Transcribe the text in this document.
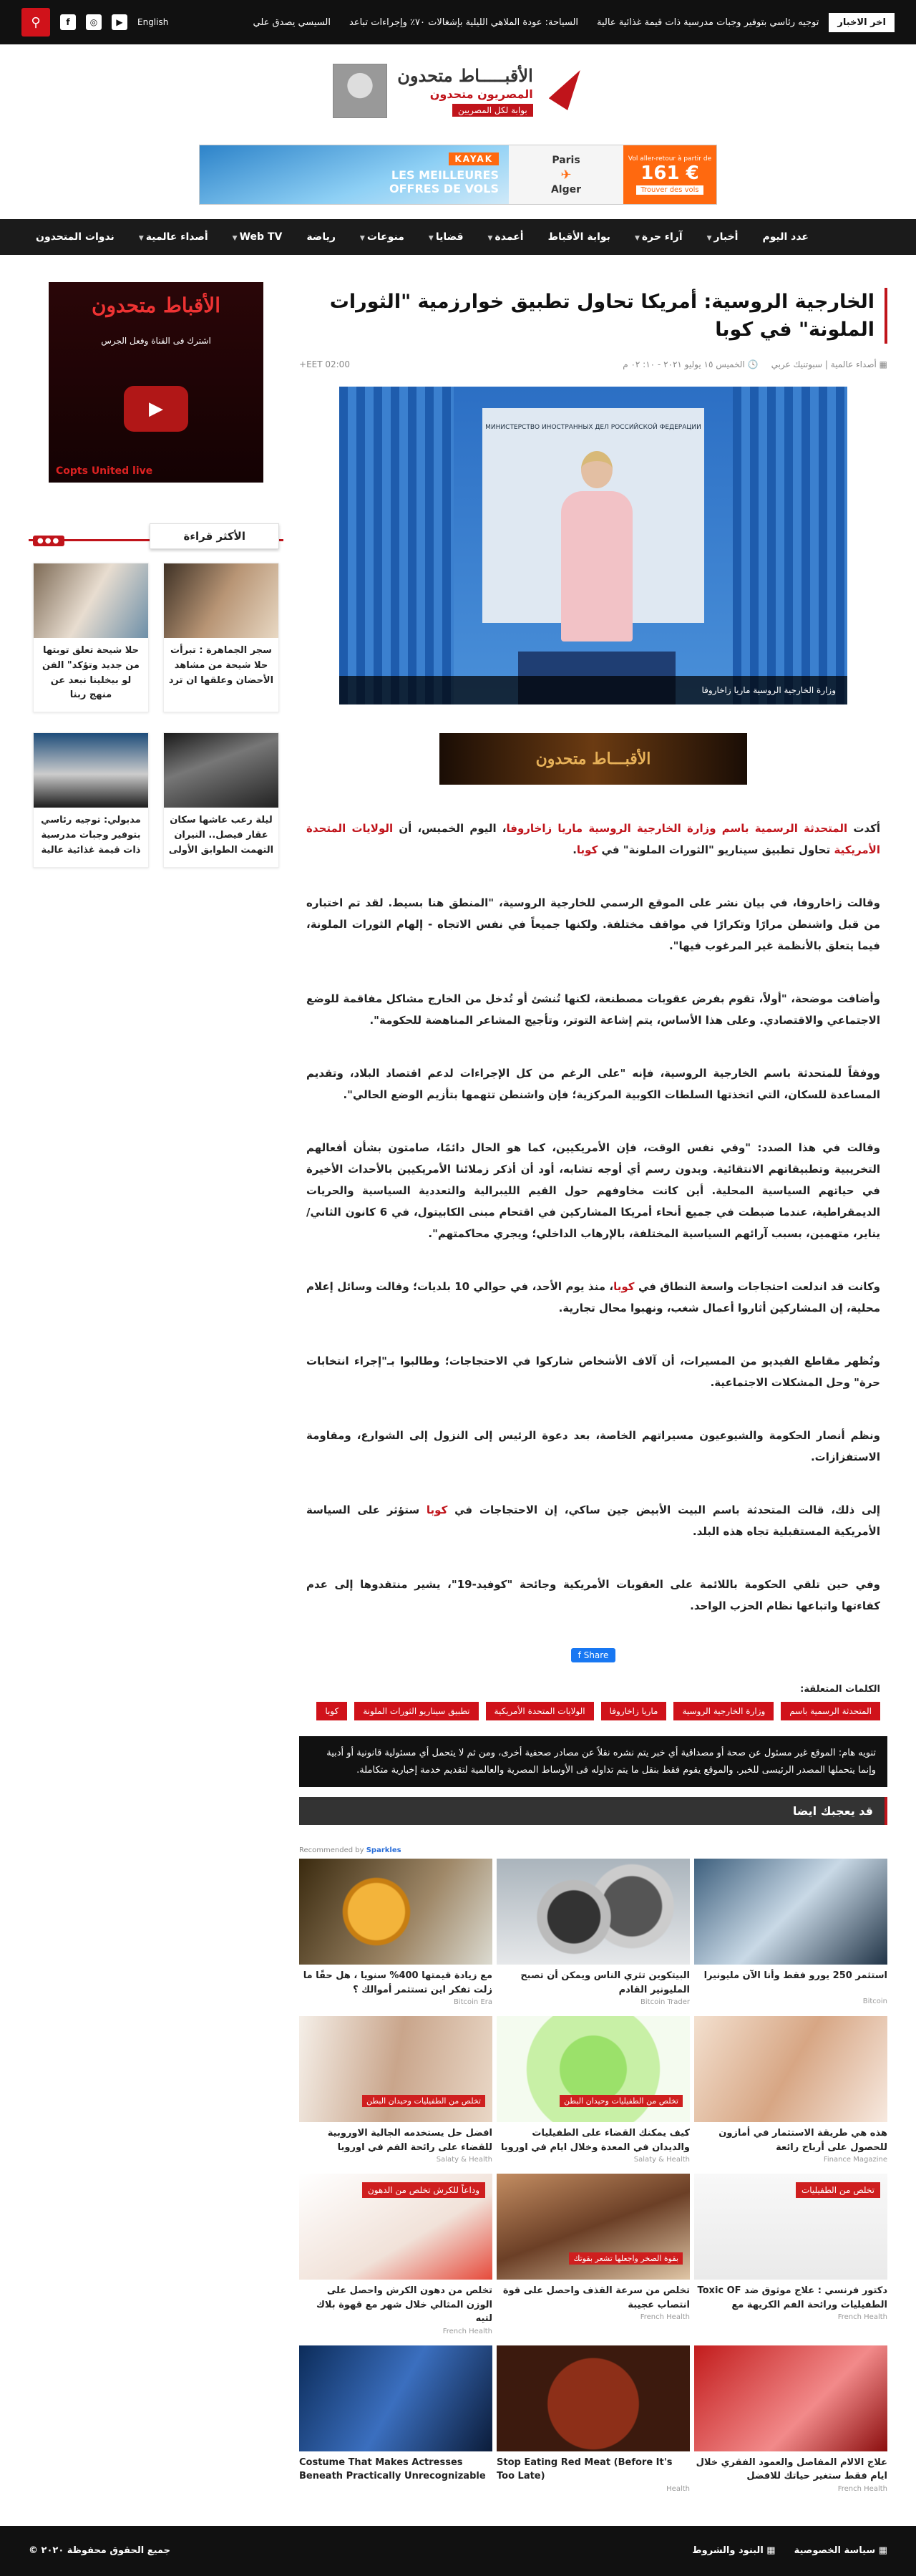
اخر الاخبار
توجيه رئاسي بتوفير وجبات مدرسية ذات قيمة غذائية عالية
السياحة: عودة الملاهي الليلية بإشغالات ٧٠٪ وإجراءات تباعد
السيسي يصدق علي
English
▶
◎
f
⚲
الأقبـــــاط متحدون
المصريون متحدون
بوابة لكل المصريين
KAYAK
LES MEILLEURES
OFFRES DE VOLS
Paris
✈
Alger
Vol aller-retour à partir de
161 €
Trouver des vols
عدد اليوم
أخبار▼
آراء حرة▼
بوابة الأقباط
أعمدة▼
قضايا▼
منوعات▼
رياضة
Web TV▼
أصداء عالمية▼
ندوات المتحدون
الخارجية الروسية: أمريكا تحاول تطبيق خوارزمية "الثورات الملونة" في كوبا
▦ أصداء عالمية | سبوتنيك عربي
🕓 الخميس ١٥ يوليو ٢٠٢١ - ١٠: ٠٢ م
EET 02:00+
МИНИСТЕРСТВО ИНОСТРАННЫХ ДЕЛ РОССИЙСКОЙ ФЕДЕРАЦИИ
وزارة الخارجية الروسية ماريا زاخاروفا
الأقبـــاط متحدون

أكدت المتحدثة الرسمية باسم وزارة الخارجية الروسية ماريا زاخاروفا، اليوم الخميس، أن الولايات المتحدة الأمريكية تحاول تطبيق سيناريو "الثورات الملونة" في كوبا.

وقالت زاخاروفا، في بيان نشر على الموقع الرسمي للخارجية الروسية، "المنطق هنا بسيط. لقد تم اختباره من قبل واشنطن مرارًا وتكرارًا في مواقف مختلفة. ولكنها جميعاً في نفس الاتجاه - إلهام الثورات الملونة، فيما يتعلق بالأنظمة غير المرغوب فيها".

وأضافت موضحة، "أولاً، تقوم بفرض عقوبات مصطنعة، لكنها تُنشئ أو تُدخل من الخارج مشاكل مفاقمة للوضع الاجتماعي والاقتصادي. وعلى هذا الأساس، يتم إشاعة التوتر، وتأجيج المشاعر المناهضة للحكومة".

ووفقاً للمتحدثة باسم الخارجية الروسية، فإنه "على الرغم من كل الإجراءات لدعم اقتصاد البلاد، وتقديم المساعدة للسكان، التي اتخذتها السلطات الكوبية المركزية؛ فإن واشنطن تتهمها بتأزيم الوضع الحالي".

وقالت في هذا الصدد: "وفي نفس الوقت، فإن الأمريكيين، كما هو الحال دائمًا، صامتون بشأن أفعالهم التخريبية وتطبيقاتهم الانتقائية. وبدون رسم أي أوجه تشابه، أود أن أذكر زملائنا الأمريكيين بالأحداث الأخيرة في حياتهم السياسية المحلية. أين كانت مخاوفهم حول القيم الليبرالية والتعددية السياسية والحريات الديمقراطية، عندما ضبطت في جميع أنحاء أمريكا المشاركين في اقتحام مبنى الكابيتول، في 6 كانون الثاني/يناير، متهمين، بسبب آرائهم السياسية المختلفة، بالإرهاب الداخلي؛ ويجري محاكمتهم".

وكانت قد اندلعت احتجاجات واسعة النطاق في كوبا، منذ يوم الأحد، في حوالي 10 بلديات؛ وقالت وسائل إعلام محلية، إن المشاركين أثاروا أعمال شغب، ونهبوا محال تجارية.

وتُظهر مقاطع الفيديو من المسيرات، أن آلاف الأشخاص شاركوا في الاحتجاجات؛ وطالبوا بـ"إجراء انتخابات حرة" وحل المشكلات الاجتماعية.

ونظم أنصار الحكومة والشيوعيون مسيراتهم الخاصة، بعد دعوة الرئيس إلى النزول إلى الشوارع، ومقاومة الاستفزازات.

إلى ذلك، قالت المتحدثة باسم البيت الأبيض جين ساكي، إن الاحتجاجات في كوبا ستؤثر على السياسة الأمريكية المستقبلية تجاه هذه البلد.

وفي حين تلقي الحكومة باللائمة على العقوبات الأمريكية وجائحة "كوفيد-19"، يشير منتقدوها إلى عدم كفاءتها واتباعها نظام الحزب الواحد.

f Share
الكلمات المتعلقة:
المتحدثة الرسمية باسم
وزارة الخارجية الروسية
ماريا زاخاروفا
الولايات المتحدة الأمريكية
تطبيق سيناريو الثورات الملونة
كوبا
تنويه هام: الموقع غير مسئول عن صحة أو مصداقية أي خبر يتم نشره نقلاً عن مصادر صحفية أخرى، ومن ثم لا يتحمل أي مسئولية قانونية أو أدبية وإنما يتحملها المصدر الرئيسى للخبر. والموقع يقوم فقط بنقل ما يتم تداوله فى الأوساط المصرية والعالمية لتقديم خدمة إخبارية متكاملة.
قد يعجبك ايضا
Recommended by Sparkles
استثمر 250 يورو فقط وأنا الآن مليونيرا
Bitcoin
البيتكوين تثري الناس ويمكن أن تصبح المليونير القادم
Bitcoin Trader
مع زيادة قيمتها 400% سنويا ، هل حقًا ما زلت تفكر اين تستثمر أموالك ؟
Bitcoin Era
هذه هي طريقة الاستثمار في أمازون للحصول على أرباح رائعة
Finance Magazine
تخلص من الطفيليات وحيدان البطن
كيف يمكنك القضاء على الطفيليات والديدان في المعدة وخلال ايام في اوروبا
Salaty & Health
تخلص من الطفيليات وحيدان البطن
افضل حل يستخدمه الجالية الاوروبية للقضاء على رائحة الفم في اوروبا
Salaty & Health
تخلص من الطفيليات
دكتور فرنسي : علاج موثوق ضد Toxic OF الطفيليات ورائحة الفم الكريهة مع
French Health
بقوة الصخر واجعلها تشعر بقوتك
تخلص من سرعة القذف واحصل على قوة انتصاب عجيبة
French Health
وداعاً للكرش تخلص من الدهون
تخلص من دهون الكرش واحصل على الوزن المثالي خلال شهر مع قهوة بلاك لتيه
French Health
علاج الالام المفاصل والعمود الفقري خلال ايام فقط ستغير حياتك للافضل
French Health
Stop Eating Red Meat (Before It's Too Late)
Health
Costume That Makes Actresses Beneath Practically Unrecognizable
الأقباط متحدون
اشترك فى القناة وفعل الجرس
▶
Copts United live
الأكثر قراءة
●●●
سجر الجماهرة : تبرأت حلا شيحة من مشاهد الأحضان وعلقها ان ترد
حلا شيحة تعلق توبتها من جديد وتؤكد" الفن لو بيخلينا نبعد عن منهج ربنا
ليلة رعب عاشها سكان عقار فيصل.. النيران التهمت الطوابق الأولى
مدبولي: توجيه رئاسي بتوفير وجبات مدرسية ذات قيمة غذائية عالية
▦ سياسة الخصوصية
▦ البنود والشروط
جميع الحقوق محفوظة ٢٠٢٠ ©
